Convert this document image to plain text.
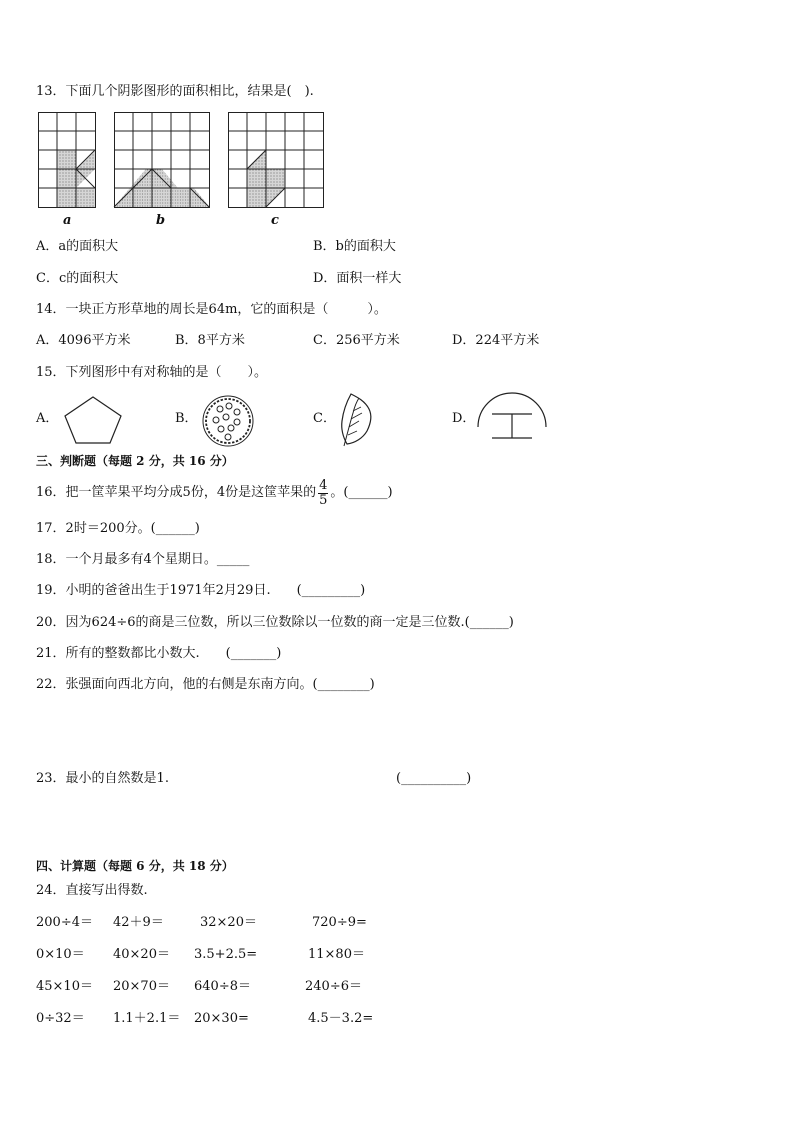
13．下面几个阴影图形的面积相比，结果是(　).
a	b	c
A．a的面积大	B．b的面积大
C．c的面积大	D．面积一样大
14．一块正方形草地的周长是64m，它的面积是（　　　）。
A．4096平方米	B．8平方米	C．256平方米	D．224平方米
15．下列图形中有对称轴的是（　　）。
A．	B．	C．	D．
三、判断题（每题 2 分，共 16 分）
16．把一筐苹果平均分成5份，4份是这筐苹果的 $\frac{4}{5}$ 。(______)
17．2时＝200分。(______)
18．一个月最多有4个星期日。_____
19．小明的爸爸出生于1971年2月29日.　　(_________)
20．因为624÷6的商是三位数，所以三位数除以一位数的商一定是三位数.(______)
21．所有的整数都比小数大.　　(_______)
22．张强面向西北方向，他的右侧是东南方向。(________)
23．最小的自然数是1.	(__________)
四、计算题（每题 6 分，共 18 分）
24．直接写出得数.
200÷4＝ 42＋9＝	32×20＝	720÷9=
0×10＝ 40×20＝ 3.5+2.5=	11×80＝
45×10＝ 20×70＝ 640÷8＝	240÷6＝
0÷32＝ 1.1＋2.1＝ 20×30=	4.5－3.2=
